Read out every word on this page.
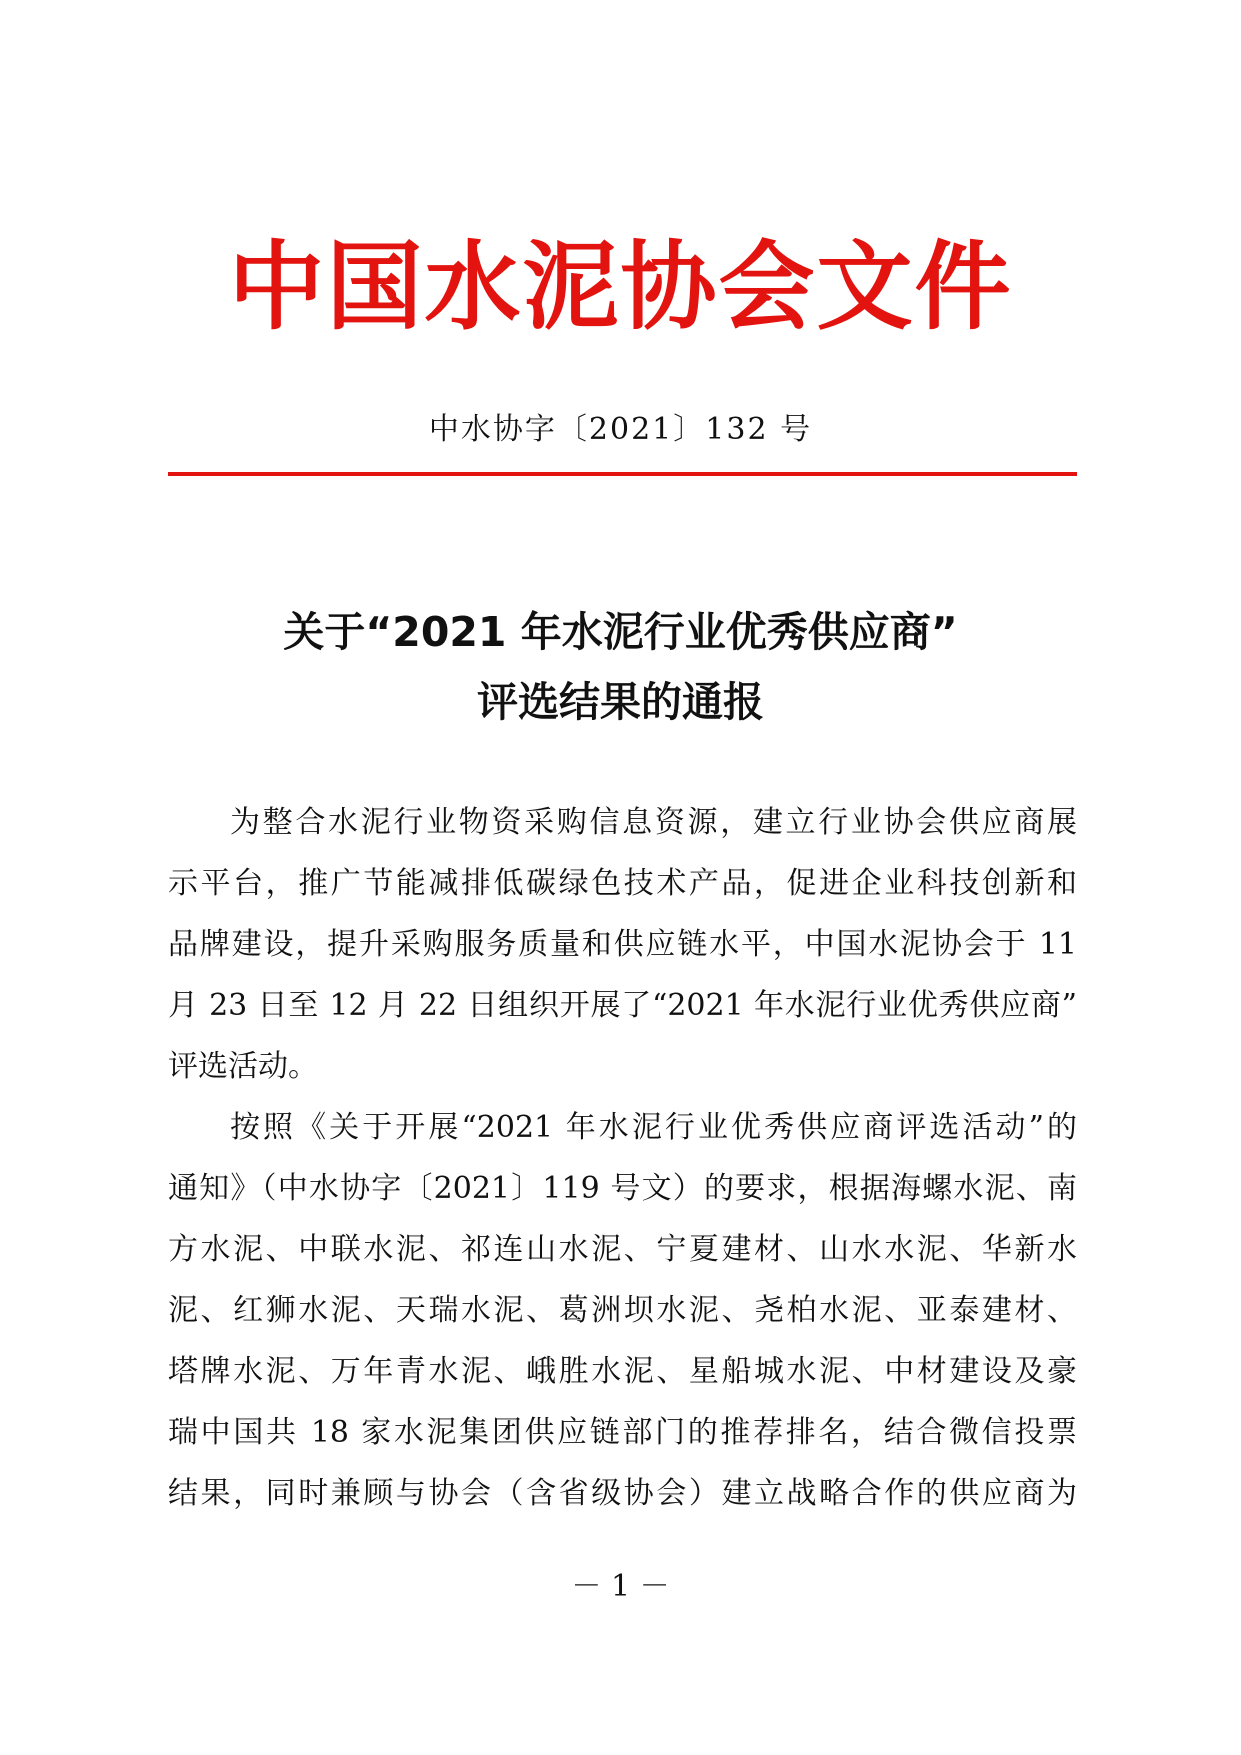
中国水泥协会文件
中水协字〔2021〕132 号
关于“2021 年水泥行业优秀供应商”
评选结果的通报
为整合水泥行业物资采购信息资源，建立行业协会供应商展
示平台，推广节能减排低碳绿色技术产品，促进企业科技创新和
品牌建设，提升采购服务质量和供应链水平，中国水泥协会于 11
月 23 日至 12 月 22 日组织开展了“2021 年水泥行业优秀供应商”
评选活动。
按照《关于开展“2021 年水泥行业优秀供应商评选活动”的
通知》（中水协字〔2021〕119 号文）的要求，根据海螺水泥、南
方水泥、中联水泥、祁连山水泥、宁夏建材、山水水泥、华新水
泥、红狮水泥、天瑞水泥、葛洲坝水泥、尧柏水泥、亚泰建材、
塔牌水泥、万年青水泥、峨胜水泥、星船城水泥、中材建设及豪
瑞中国共 18 家水泥集团供应链部门的推荐排名，结合微信投票
结果，同时兼顾与协会（含省级协会）建立战略合作的供应商为
－ 1 －
